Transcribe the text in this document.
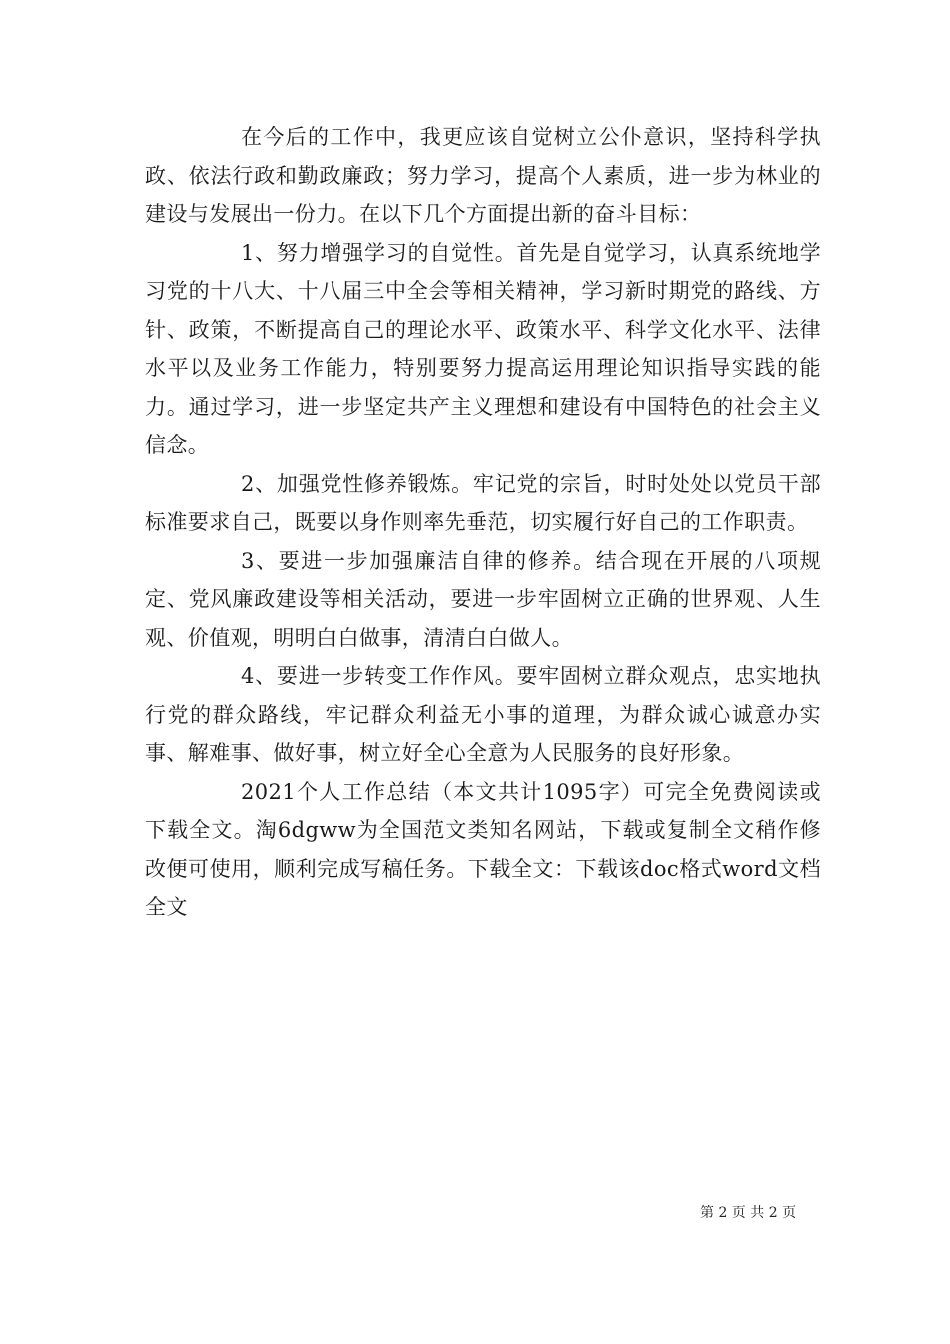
在今后的工作中，我更应该自觉树立公仆意识，坚持科学执政、依法行政和勤政廉政；努力学习，提高个人素质，进一步为林业的建设与发展出一份力。在以下几个方面提出新的奋斗目标：

1、努力增强学习的自觉性。首先是自觉学习，认真系统地学习党的十八大、十八届三中全会等相关精神，学习新时期党的路线、方针、政策，不断提高自己的理论水平、政策水平、科学文化水平、法律水平以及业务工作能力，特别要努力提高运用理论知识指导实践的能力。通过学习，进一步坚定共产主义理想和建设有中国特色的社会主义信念。

2、加强党性修养锻炼。牢记党的宗旨，时时处处以党员干部标准要求自己，既要以身作则率先垂范，切实履行好自己的工作职责。

3、要进一步加强廉洁自律的修养。结合现在开展的八项规定、党风廉政建设等相关活动，要进一步牢固树立正确的世界观、人生观、价值观，明明白白做事，清清白白做人。

4、要进一步转变工作作风。要牢固树立群众观点，忠实地执行党的群众路线，牢记群众利益无小事的道理，为群众诚心诚意办实事、解难事、做好事，树立好全心全意为人民服务的良好形象。

2021个人工作总结（本文共计1095字）可完全免费阅读或下载全文。淘6dgww为全国范文类知名网站，下载或复制全文稍作修改便可使用，顺利完成写稿任务。下载全文：下载该doc格式word文档全文

第 2 页 共 2 页
